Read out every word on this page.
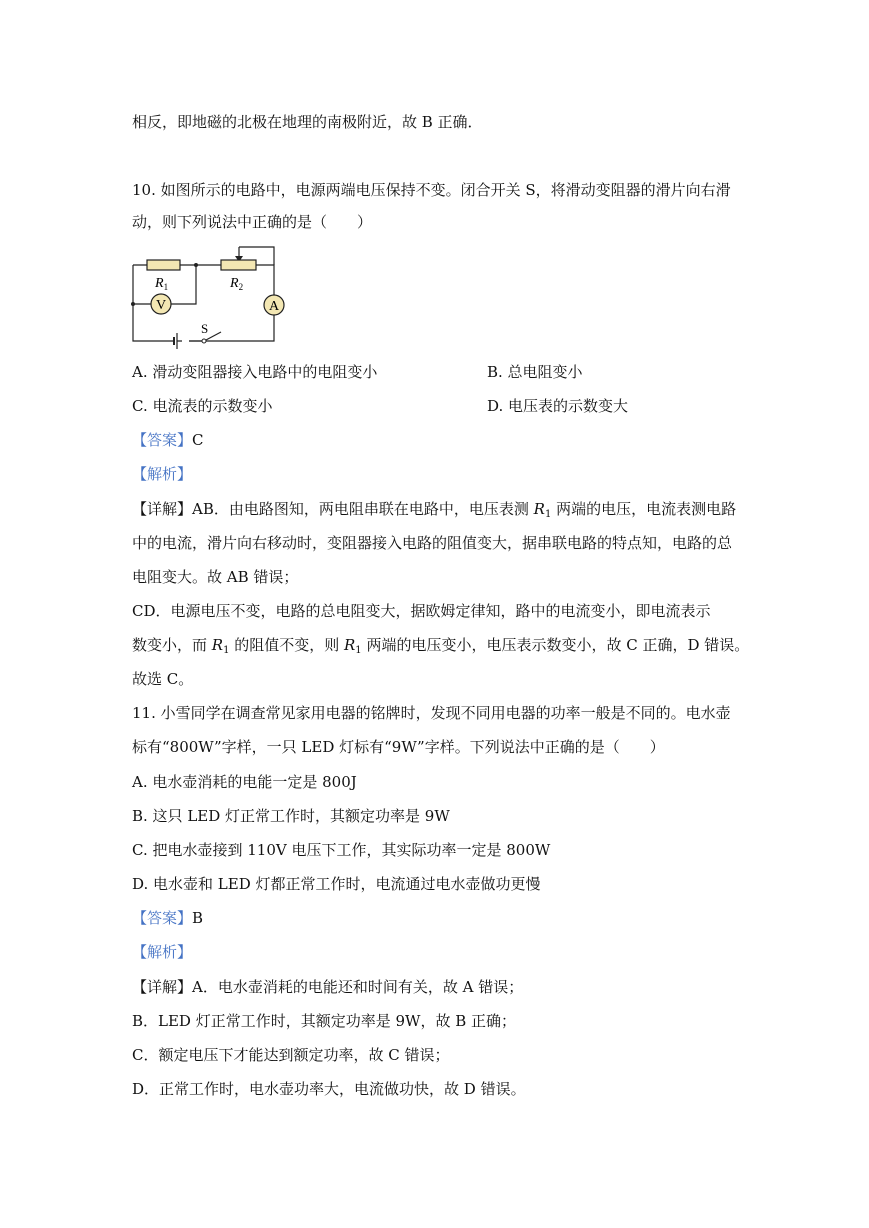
相反，即地磁的北极在地理的南极附近，故 B 正确．
10. 如图所示的电路中，电源两端电压保持不变。闭合开关 S，将滑动变阻器的滑片向右滑
动，则下列说法中正确的是（　　）
$R_1$	$R_2$
V	A
S
A. 滑动变阻器接入电路中的电阻变小	B. 总电阻变小
C. 电流表的示数变小	D. 电压表的示数变大
【答案】C
【解析】
【详解】AB．由电路图知，两电阻串联在电路中，电压表测 $R_1$ 两端的电压，电流表测电路
中的电流，滑片向右移动时，变阻器接入电路的阻值变大，据串联电路的特点知，电路的总
电阻变大。故 AB 错误；
CD．电源电压不变，电路的总电阻变大，据欧姆定律知，路中的电流变小，即电流表示
数变小，而 $R_1$ 的阻值不变，则 $R_1$ 两端的电压变小，电压表示数变小，故 C 正确，D 错误。
故选 C。
11. 小雪同学在调查常见家用电器的铭牌时，发现不同用电器的功率一般是不同的。电水壶
标有“800W”字样，一只 LED 灯标有“9W”字样。下列说法中正确的是（　　）
A. 电水壶消耗的电能一定是 800J
B. 这只 LED 灯正常工作时，其额定功率是 9W
C. 把电水壶接到 110V 电压下工作，其实际功率一定是 800W
D. 电水壶和 LED 灯都正常工作时，电流通过电水壶做功更慢
【答案】B
【解析】
【详解】A．电水壶消耗的电能还和时间有关，故 A 错误；
B．LED 灯正常工作时，其额定功率是 9W，故 B 正确；
C．额定电压下才能达到额定功率，故 C 错误；
D．正常工作时，电水壶功率大，电流做功快，故 D 错误。
